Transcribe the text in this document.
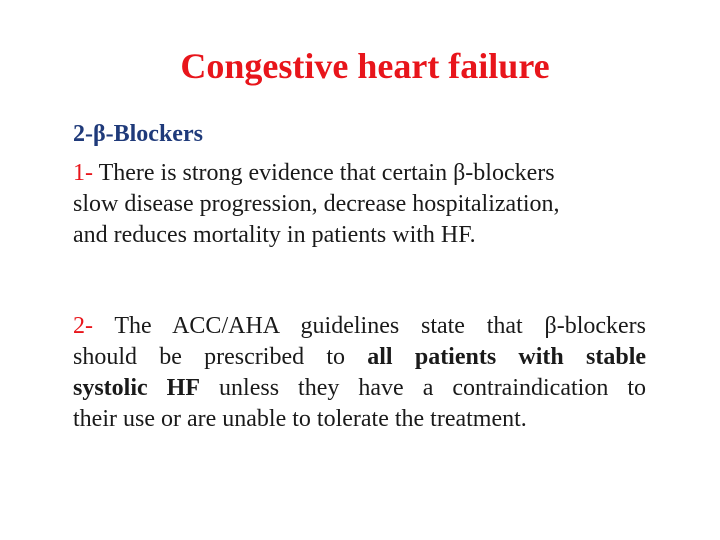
Congestive heart failure
2-β-Blockers
1- There is strong evidence that certain β-blockers
slow disease progression, decrease hospitalization,
and reduces mortality in patients with HF.
2- The ACC/AHA guidelines state that β-blockers
should be prescribed to all patients with stable
systolic HF unless they have a contraindication to
their use or are unable to tolerate the treatment.
